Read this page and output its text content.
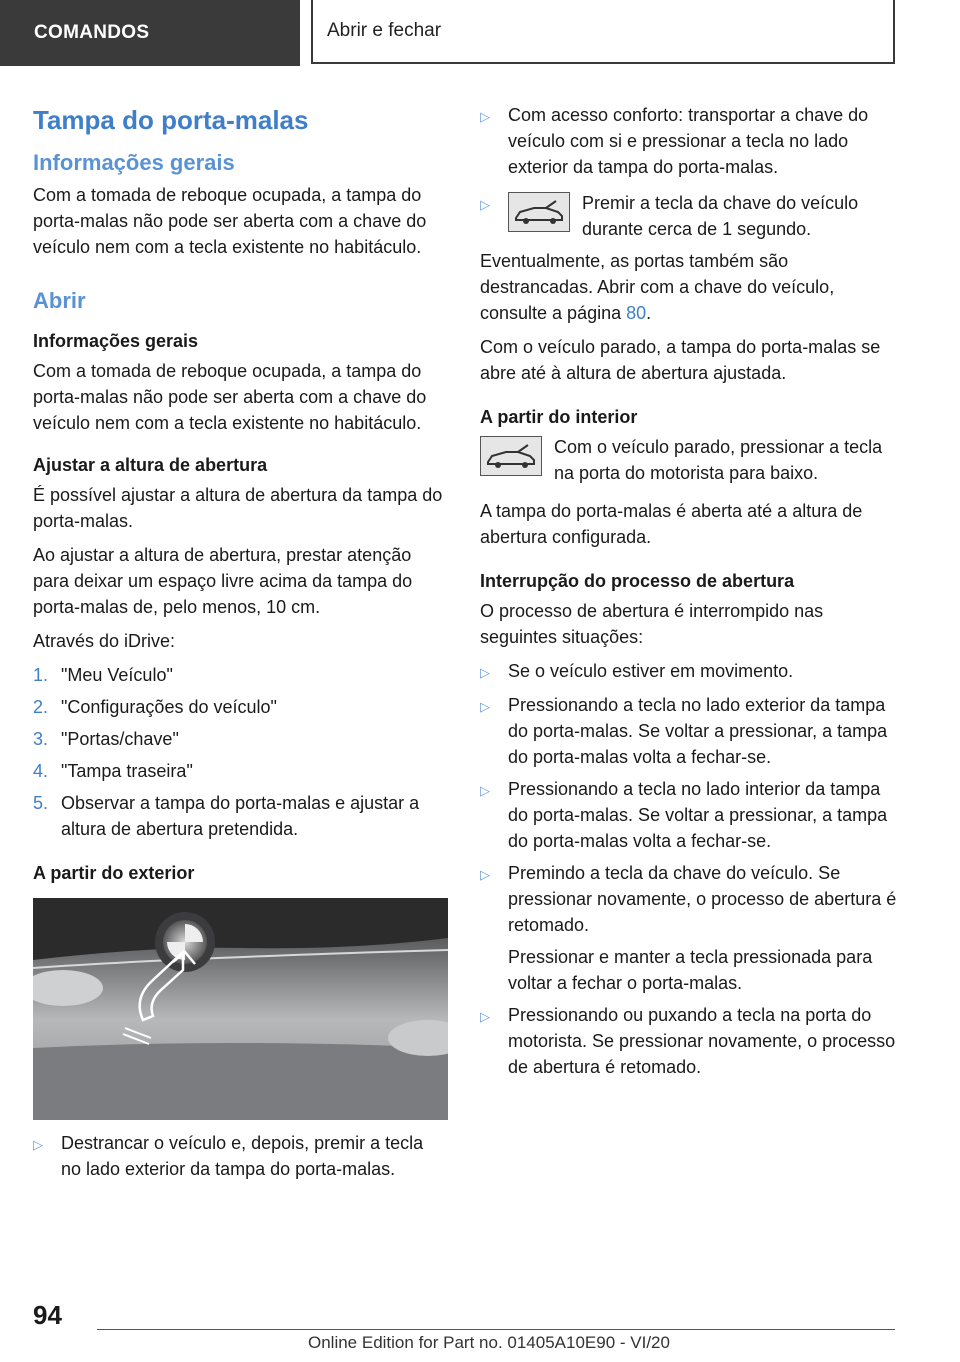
COMANDOS	Abrir e fechar
Tampa do porta-malas
Informações gerais

Com a tomada de reboque ocupada, a tampa do porta-malas não pode ser aberta com a chave do veículo nem com a tecla existente no habitáculo.

Abrir
Informações gerais

Com a tomada de reboque ocupada, a tampa do porta-malas não pode ser aberta com a chave do veículo nem com a tecla existente no habitáculo.

Ajustar a altura de abertura

É possível ajustar a altura de abertura da tampa do porta-malas.

Ao ajustar a altura de abertura, prestar atenção para deixar um espaço livre acima da tampa do porta-malas de, pelo menos, 10 cm.

Através do iDrive:

1. "Meu Veículo"
2. "Configurações do veículo"
3. "Portas/chave"
4. "Tampa traseira"
5. Observar a tampa do porta-malas e ajustar a altura de abertura pretendida.
A partir do exterior
▷	Destrancar o veículo e, depois, premir a tecla no lado exterior da tampa do porta-malas.
▷	Com acesso conforto: transportar a chave do veículo com si e pressionar a tecla no lado exterior da tampa do porta-malas.
▷	Premir a tecla da chave do veículo durante cerca de 1 segundo.

Eventualmente, as portas também são destrancadas. Abrir com a chave do veículo, consulte a página 80.

Com o veículo parado, a tampa do porta-malas se abre até à altura de abertura ajustada.

A partir do interior
Com o veículo parado, pressionar a tecla na porta do motorista para baixo.

A tampa do porta-malas é aberta até a altura de abertura configurada.

Interrupção do processo de abertura

O processo de abertura é interrompido nas seguintes situações:

▷	Se o veículo estiver em movimento.
▷	Pressionando a tecla no lado exterior da tampa do porta-malas. Se voltar a pressionar, a tampa do porta-malas volta a fechar-se.
▷	Pressionando a tecla no lado interior da tampa do porta-malas. Se voltar a pressionar, a tampa do porta-malas volta a fechar-se.
▷	Premindo a tecla da chave do veículo. Se pressionar novamente, o processo de abertura é retomado.
Pressionar e manter a tecla pressionada para voltar a fechar o porta-malas.
▷	Pressionando ou puxando a tecla na porta do motorista. Se pressionar novamente, o processo de abertura é retomado.
94
Online Edition for Part no. 01405A10E90 - VI/20
